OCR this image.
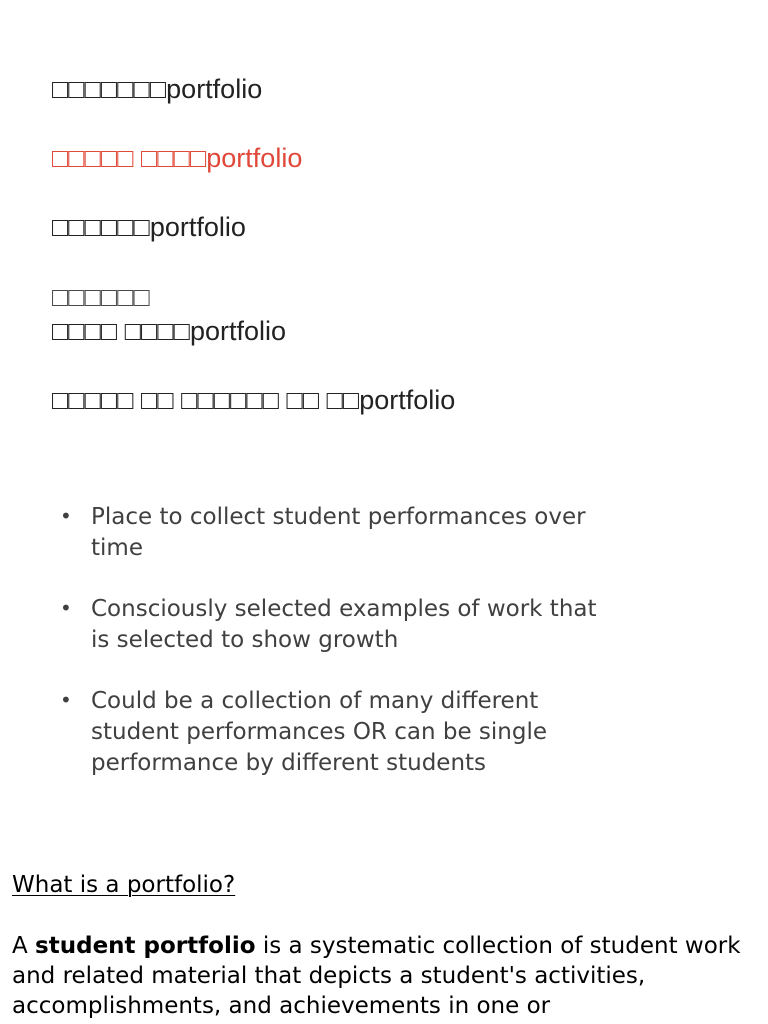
□□□□□□□portfolio
□□□□□ □□□□portfolio
□□□□□□portfolio
□□□□□□
□□□□ □□□□portfolio
□□□□□ □□ □□□□□□ □□ □□portfolio
• Place to collect student performances over time
• Consciously selected examples of work that is selected to show growth
• Could be a collection of many different student performances OR can be single performance by different students
What is a portfolio?

A student portfolio is a systematic collection of student work and related material that depicts a student's activities, accomplishments, and achievements in one or
